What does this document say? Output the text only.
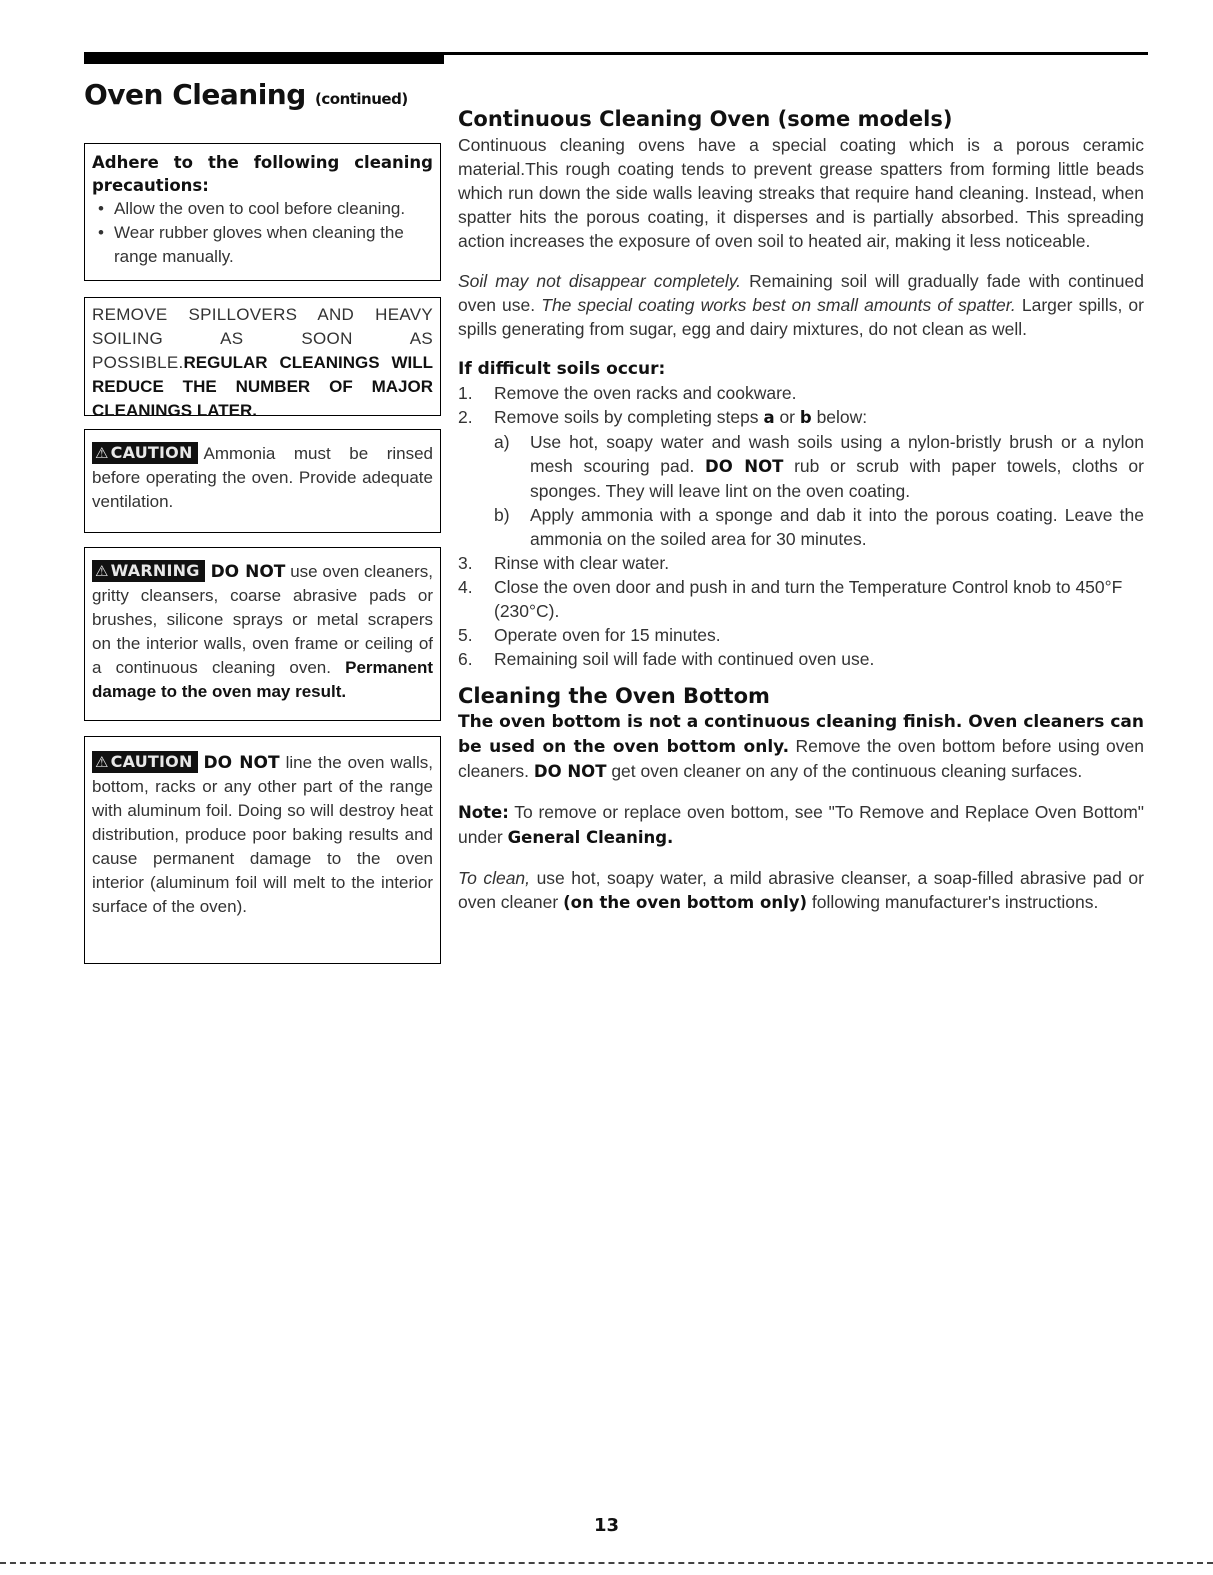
Oven Cleaning (continued)
Adhere to the following cleaning precautions:
• Allow the oven to cool before cleaning.
• Wear rubber gloves when cleaning the range manually.
REMOVE SPILLOVERS AND HEAVY SOILING AS SOON AS POSSIBLE.REGULAR CLEANINGS WILL REDUCE THE NUMBER OF MAJOR CLEANINGS LATER.
⚠ CAUTION Ammonia must be rinsed before operating the oven. Provide adequate ventilation.
⚠ WARNING DO NOT use oven cleaners, gritty cleansers, coarse abrasive pads or brushes, silicone sprays or metal scrapers on the interior walls, oven frame or ceiling of a continuous cleaning oven. Permanent damage to the oven may result.
⚠ CAUTION DO NOT line the oven walls, bottom, racks or any other part of the range with aluminum foil. Doing so will destroy heat distribution, produce poor baking results and cause permanent damage to the oven interior (aluminum foil will melt to the interior surface of the oven).
Continuous Cleaning Oven (some models)

Continuous cleaning ovens have a special coating which is a porous ceramic material.This rough coating tends to prevent grease spatters from forming little beads which run down the side walls leaving streaks that require hand cleaning. Instead, when spatter hits the porous coating, it disperses and is partially absorbed. This spreading action increases the exposure of oven soil to heated air, making it less noticeable.

Soil may not disappear completely. Remaining soil will gradually fade with continued oven use. The special coating works best on small amounts of spatter. Larger spills, or spills generating from sugar, egg and dairy mixtures, do not clean as well.

If difficult soils occur:
1. Remove the oven racks and cookware.
2. Remove soils by completing steps a or b below:
a) Use hot, soapy water and wash soils using a nylon-bristly brush or a nylon mesh scouring pad. DO NOT rub or scrub with paper towels, cloths or sponges. They will leave lint on the oven coating.
b) Apply ammonia with a sponge and dab it into the porous coating. Leave the ammonia on the soiled area for 30 minutes.
3. Rinse with clear water.
4. Close the oven door and push in and turn the Temperature Control knob to 450°F (230°C).
5. Operate oven for 15 minutes.
6. Remaining soil will fade with continued oven use.
Cleaning the Oven Bottom

The oven bottom is not a continuous cleaning finish. Oven cleaners can be used on the oven bottom only. Remove the oven bottom before using oven cleaners. DO NOT get oven cleaner on any of the continuous cleaning surfaces.

Note: To remove or replace oven bottom, see "To Remove and Replace Oven Bottom" under General Cleaning.

To clean, use hot, soapy water, a mild abrasive cleanser, a soap-filled abrasive pad or oven cleaner (on the oven bottom only) following manufacturer's instructions.

13
